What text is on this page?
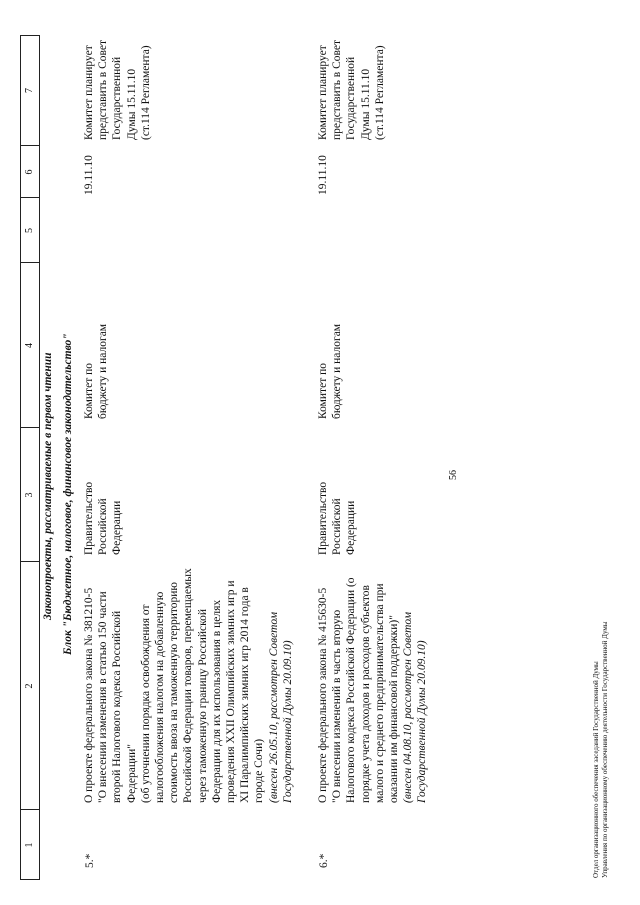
1
2
3
4
5
6
7
Законопроекты, рассматриваемые в первом чтении Блок "Бюджетное, налоговое, финансовое законодательство"
5.*
О проекте федерального закона № 381210-5 "О внесении изменения в статью 150 части второй Налогового кодекса Российской Федерации" (об уточнении порядка освобождения от налогообложения налогом на добавленную стоимость ввоза на таможенную территорию Российской Федерации товаров, перемещаемых через таможенную границу Российской Федерации для их использования в целях проведения XXII Олимпийских зимних игр и XI Паралимпийских зимних игр 2014 года в городе Сочи) (внесен 26.05.10, рассмотрен Советом Государственной Думы 20.09.10)
Правительство Российской Федерации
Комитет по бюджету и налогам
19.11.10
Комитет планирует представить в Совет Государственной Думы 15.11.10 (ст.114 Регламента)
6.*
О проекте федерального закона № 415630-5 "О внесении изменений в часть вторую Налогового кодекса Российской Федерации (о порядке учета доходов и расходов субъектов малого и среднего предпринимательства при оказании им финансовой поддержки)" (внесен 04.08.10, рассмотрен Советом Государственной Думы 20.09.10)
Правительство Российской Федерации
Комитет по бюджету и налогам
19.11.10
Комитет планирует представить в Совет Государственной Думы 15.11.10 (ст.114 Регламента)
56
Отдел организационного обеспечения заседаний Государственной Думы Управления по организационному обеспечению деятельности Государственной Думы
